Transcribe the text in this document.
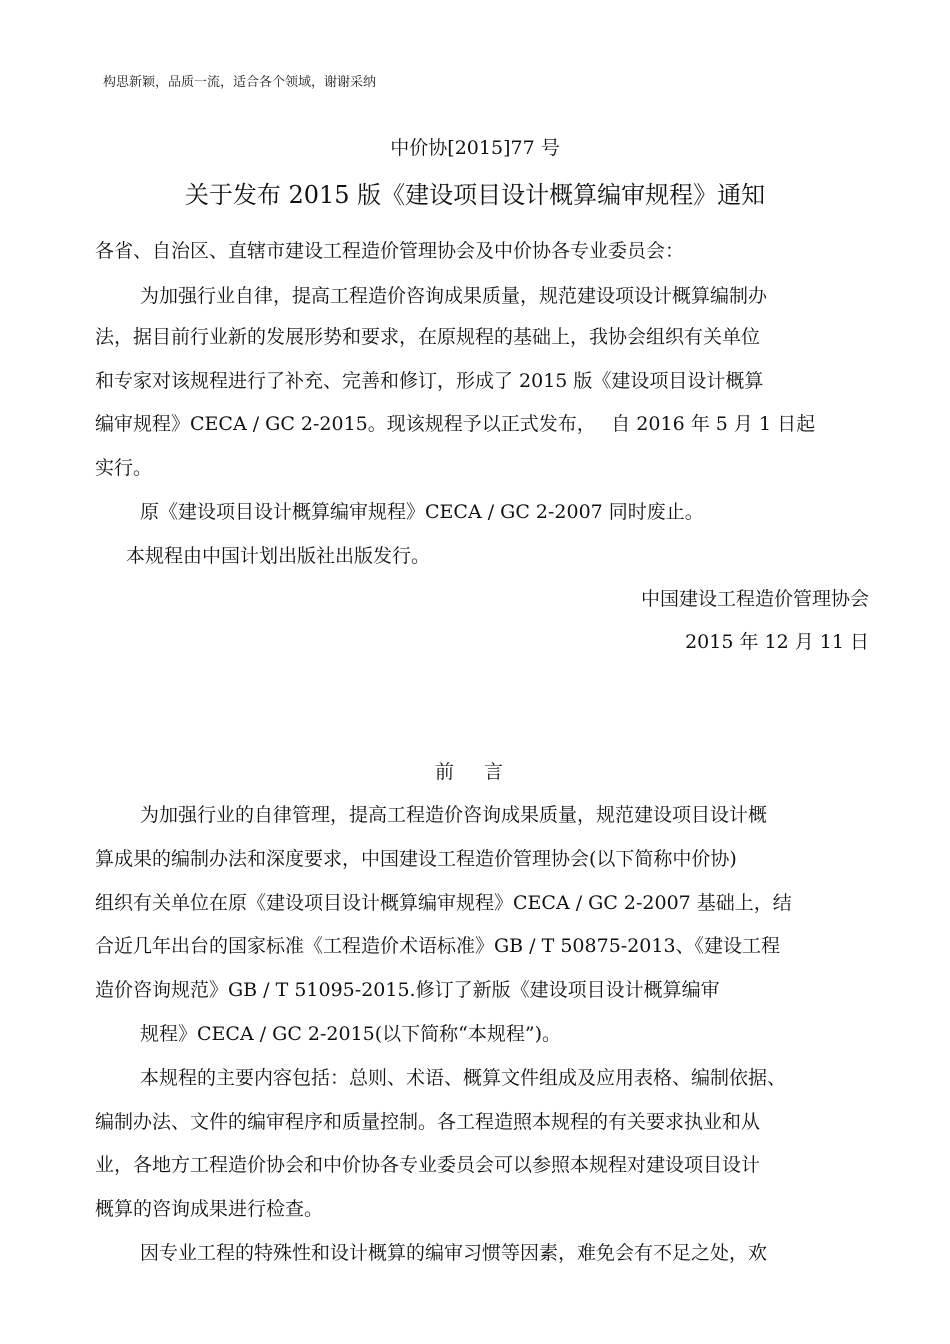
构思新颖，品质一流，适合各个领域，谢谢采纳

中价协[2015]77 号

关于发布 2015 版《建设项目设计概算编审规程》通知

各省、自治区、直辖市建设工程造价管理协会及中价协各专业委员会：

为加强行业自律，提高工程造价咨询成果质量，规范建设项设计概算编制办

法，据目前行业新的发展形势和要求，在原规程的基础上，我协会组织有关单位

和专家对该规程进行了补充、完善和修订，形成了 2015 版《建设项目设计概算

编审规程》CECA / GC 2-2015。现该规程予以正式发布，　 自 2016 年 5 月 1 日起

实行。

原《建设项目设计概算编审规程》CECA / GC 2-2007 同时废止。

本规程由中国计划出版社出版发行。

中国建设工程造价管理协会

2015 年 12 月 11 日

前 言

为加强行业的自律管理，提高工程造价咨询成果质量，规范建设项目设计概

算成果的编制办法和深度要求，中国建设工程造价管理协会(以下简称中价协)

组织有关单位在原《建设项目设计概算编审规程》CECA / GC 2-2007 基础上，结

合近几年出台的国家标准《工程造价术语标准》GB / T 50875-2013、《建设工程

造价咨询规范》GB / T 51095-2015.修订了新版《建设项目设计概算编审

规程》CECA / GC 2-2015(以下简称“本规程”)。

本规程的主要内容包括：总则、术语、概算文件组成及应用表格、编制依据、

编制办法、文件的编审程序和质量控制。各工程造照本规程的有关要求执业和从

业，各地方工程造价协会和中价协各专业委员会可以参照本规程对建设项目设计

概算的咨询成果进行检查。

因专业工程的特殊性和设计概算的编审习惯等因素，难免会有不足之处，欢
